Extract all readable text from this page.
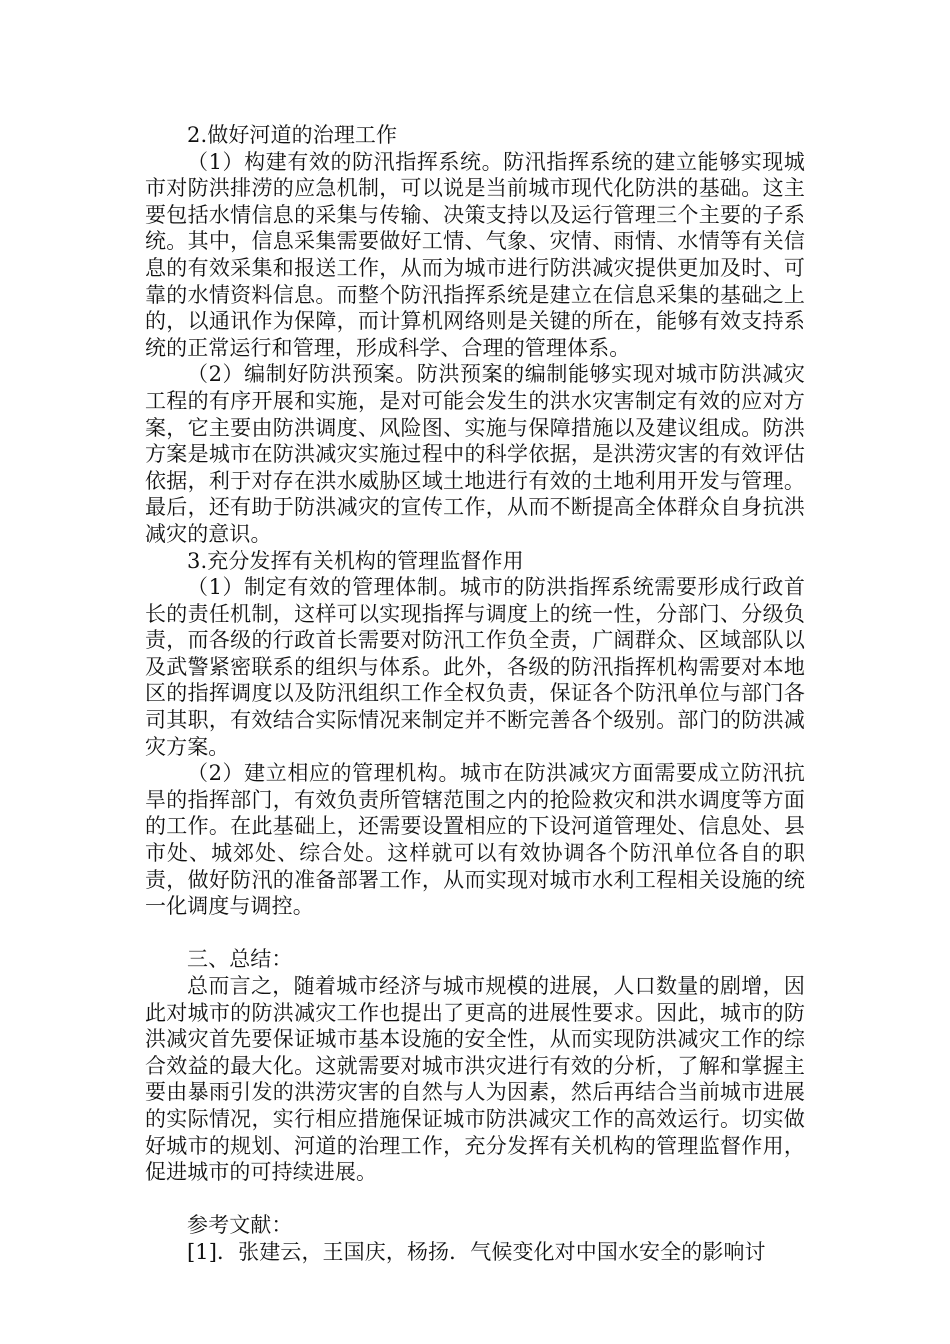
2.做好河道的治理工作

（1）构建有效的防汛指挥系统。防汛指挥系统的建立能够实现城市对防洪排涝的应急机制，可以说是当前城市现代化防洪的基础。这主要包括水情信息的采集与传输、决策支持以及运行管理三个主要的子系统。其中，信息采集需要做好工情、气象、灾情、雨情、水情等有关信息的有效采集和报送工作，从而为城市进行防洪减灾提供更加及时、可靠的水情资料信息。而整个防汛指挥系统是建立在信息采集的基础之上的，以通讯作为保障，而计算机网络则是关键的所在，能够有效支持系统的正常运行和管理，形成科学、合理的管理体系。

（2）编制好防洪预案。防洪预案的编制能够实现对城市防洪减灾工程的有序开展和实施，是对可能会发生的洪水灾害制定有效的应对方案，它主要由防洪调度、风险图、实施与保障措施以及建议组成。防洪方案是城市在防洪减灾实施过程中的科学依据，是洪涝灾害的有效评估依据，利于对存在洪水威胁区域土地进行有效的土地利用开发与管理。最后，还有助于防洪减灾的宣传工作，从而不断提高全体群众自身抗洪减灾的意识。

3.充分发挥有关机构的管理监督作用

（1）制定有效的管理体制。城市的防洪指挥系统需要形成行政首长的责任机制，这样可以实现指挥与调度上的统一性，分部门、分级负责，而各级的行政首长需要对防汛工作负全责，广阔群众、区域部队以及武警紧密联系的组织与体系。此外，各级的防汛指挥机构需要对本地区的指挥调度以及防汛组织工作全权负责，保证各个防汛单位与部门各司其职，有效结合实际情况来制定并不断完善各个级别。部门的防洪减灾方案。

（2）建立相应的管理机构。城市在防洪减灾方面需要成立防汛抗旱的指挥部门，有效负责所管辖范围之内的抢险救灾和洪水调度等方面的工作。在此基础上，还需要设置相应的下设河道管理处、信息处、县市处、城郊处、综合处。这样就可以有效协调各个防汛单位各自的职责，做好防汛的准备部署工作，从而实现对城市水利工程相关设施的统一化调度与调控。

三、总结：

总而言之，随着城市经济与城市规模的进展，人口数量的剧增，因此对城市的防洪减灾工作也提出了更高的进展性要求。因此，城市的防洪减灾首先要保证城市基本设施的安全性，从而实现防洪减灾工作的综合效益的最大化。这就需要对城市洪灾进行有效的分析，了解和掌握主要由暴雨引发的洪涝灾害的自然与人为因素，然后再结合当前城市进展的实际情况，实行相应措施保证城市防洪减灾工作的高效运行。切实做好城市的规划、河道的治理工作，充分发挥有关机构的管理监督作用，促进城市的可持续进展。

参考文献：

[1]．张建云，王国庆，杨扬．气候变化对中国水安全的影响讨
